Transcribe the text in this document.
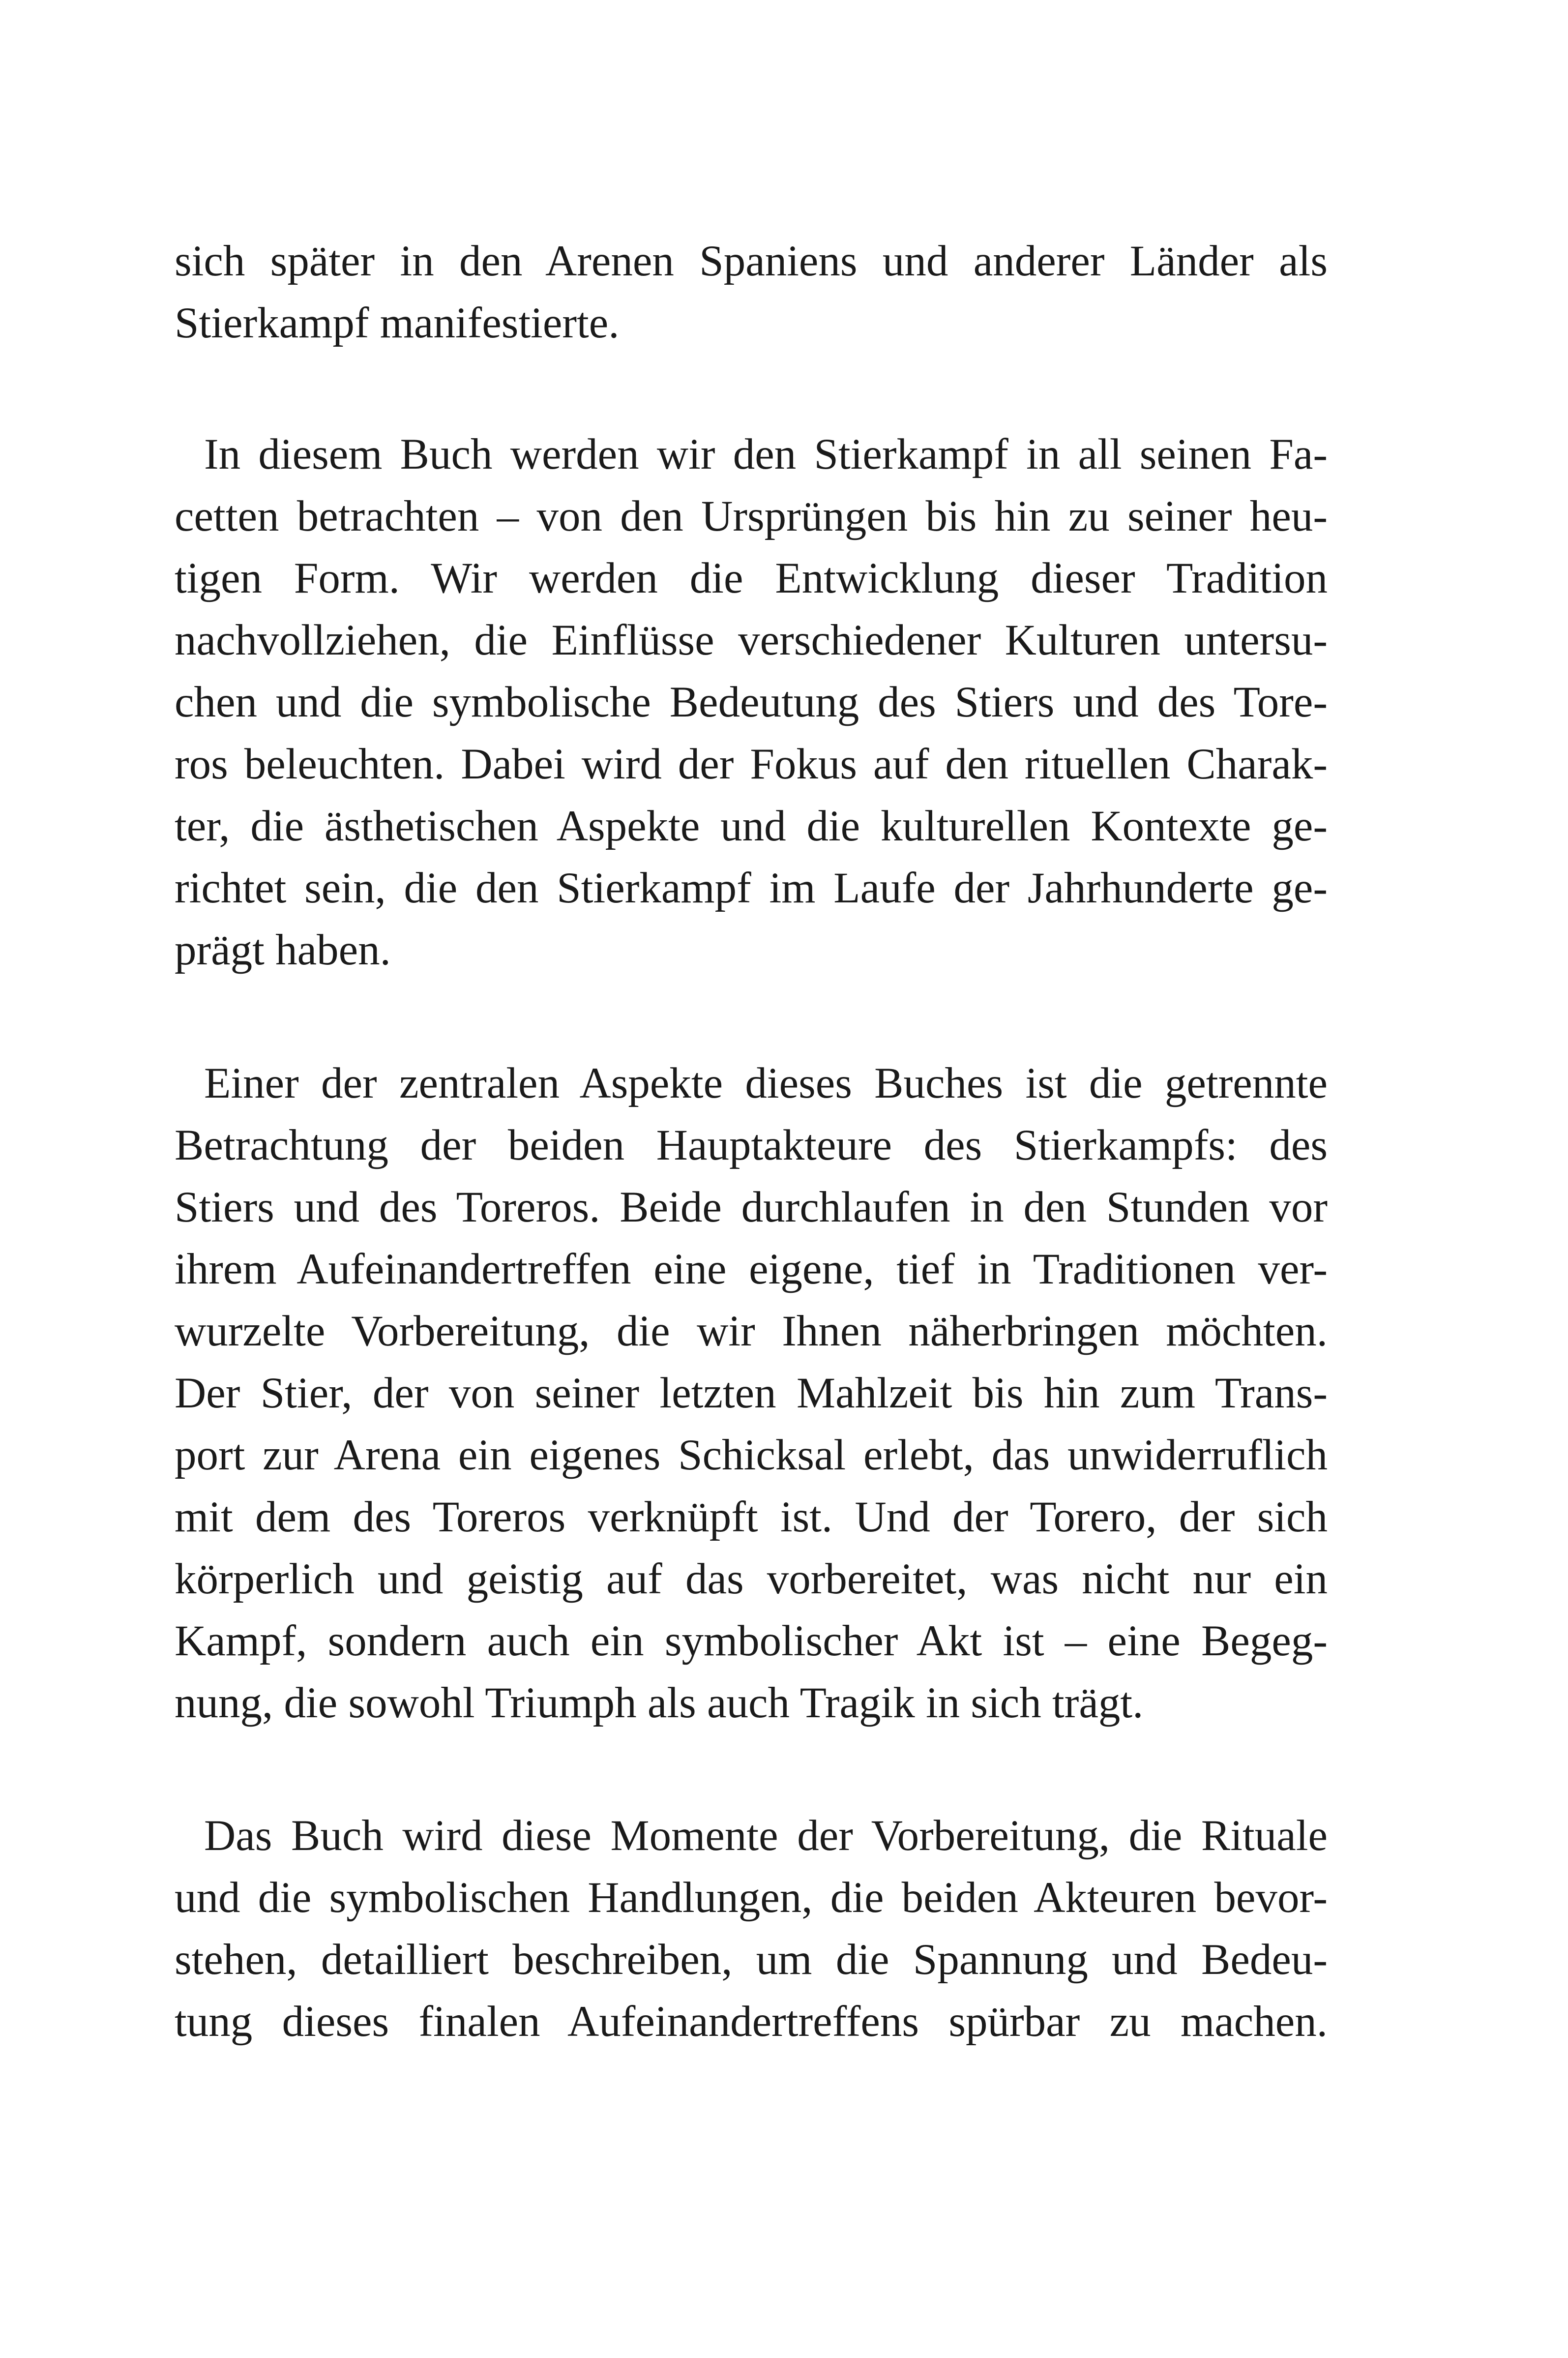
sich später in den Arenen Spaniens und anderer Länder als
Stierkampf manifestierte.
In diesem Buch werden wir den Stierkampf in all seinen Fa-
cetten betrachten – von den Ursprüngen bis hin zu seiner heu-
tigen Form. Wir werden die Entwicklung dieser Tradition
nachvollziehen, die Einflüsse verschiedener Kulturen untersu-
chen und die symbolische Bedeutung des Stiers und des Tore-
ros beleuchten. Dabei wird der Fokus auf den rituellen Charak-
ter, die ästhetischen Aspekte und die kulturellen Kontexte ge-
richtet sein, die den Stierkampf im Laufe der Jahrhunderte ge-
prägt haben.
Einer der zentralen Aspekte dieses Buches ist die getrennte
Betrachtung der beiden Hauptakteure des Stierkampfs: des
Stiers und des Toreros. Beide durchlaufen in den Stunden vor
ihrem Aufeinandertreffen eine eigene, tief in Traditionen ver-
wurzelte Vorbereitung, die wir Ihnen näherbringen möchten.
Der Stier, der von seiner letzten Mahlzeit bis hin zum Trans-
port zur Arena ein eigenes Schicksal erlebt, das unwiderruflich
mit dem des Toreros verknüpft ist. Und der Torero, der sich
körperlich und geistig auf das vorbereitet, was nicht nur ein
Kampf, sondern auch ein symbolischer Akt ist – eine Begeg-
nung, die sowohl Triumph als auch Tragik in sich trägt.
Das Buch wird diese Momente der Vorbereitung, die Rituale
und die symbolischen Handlungen, die beiden Akteuren bevor-
stehen, detailliert beschreiben, um die Spannung und Bedeu-
tung dieses finalen Aufeinandertreffens spürbar zu machen.
